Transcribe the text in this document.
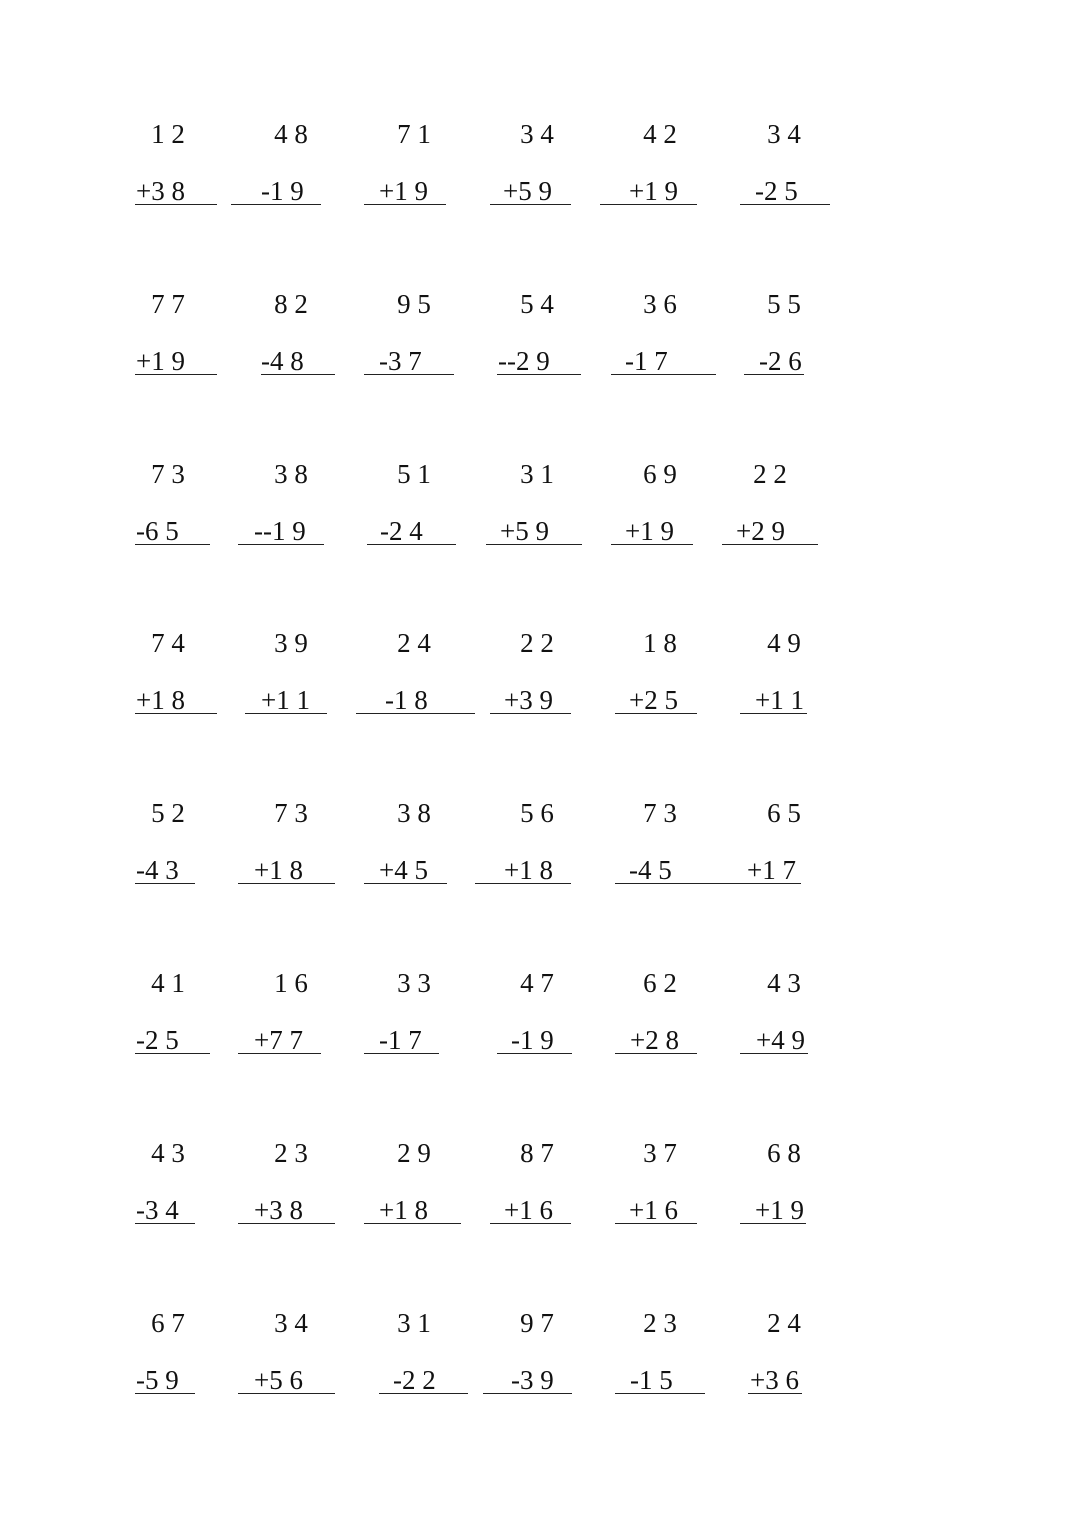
1 2
+3 8
4 8
-1 9
7 1
+1 9
3 4
+5 9
4 2
+1 9
3 4
-2 5
7 7
+1 9
8 2
-4 8
9 5
-3 7
5 4
--2 9
3 6
-1 7
5 5
-2 6
7 3
-6 5
3 8
--1 9
5 1
-2 4
3 1
+5 9
6 9
+1 9
2 2
+2 9
7 4
+1 8
3 9
+1 1
2 4
-1 8
2 2
+3 9
1 8
+2 5
4 9
+1 1
5 2
-4 3
7 3
+1 8
3 8
+4 5
5 6
+1 8
7 3
-4 5
6 5
+1 7
4 1
-2 5
1 6
+7 7
3 3
-1 7
4 7
-1 9
6 2
+2 8
4 3
+4 9
4 3
-3 4
2 3
+3 8
2 9
+1 8
8 7
+1 6
3 7
+1 6
6 8
+1 9
6 7
-5 9
3 4
+5 6
3 1
-2 2
9 7
-3 9
2 3
-1 5
2 4
+3 6
